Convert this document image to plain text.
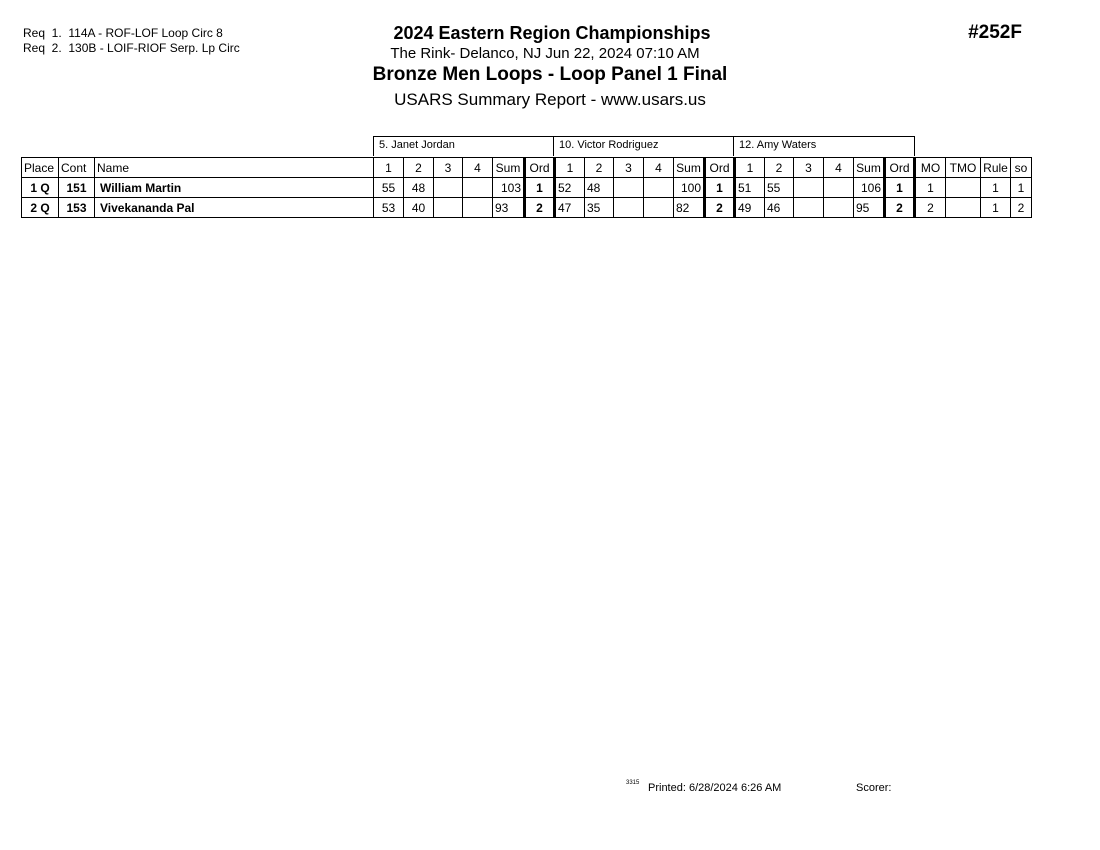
Req  1.  114A - ROF-LOF Loop Circ 8
Req  2.  130B - LOIF-RIOF Serp. Lp Circ
2024 Eastern Region Championships
The Rink- Delanco, NJ Jun 22, 2024 07:10 AM
Bronze Men Loops - Loop Panel 1 Final
USARS Summary Report - www.usars.us
#252F
5. Janet Jordan	10. Victor Rodriguez	12. Amy Waters
Place	Cont	Name	1	2	3	4	Sum	Ord	1	2	3	4	Sum	Ord	1	2	3	4	Sum	Ord	MO	TMO	Rule	so
1 Q	151	William Martin	55	48			103	1	52	48			100	1	51	55			106	1	1		1	1
2 Q	153	Vivekananda Pal	53	40			93	2	47	35			82	2	49	46			95	2	2		1	2
3315 Printed: 6/28/2024 6:26 AM	Scorer:
